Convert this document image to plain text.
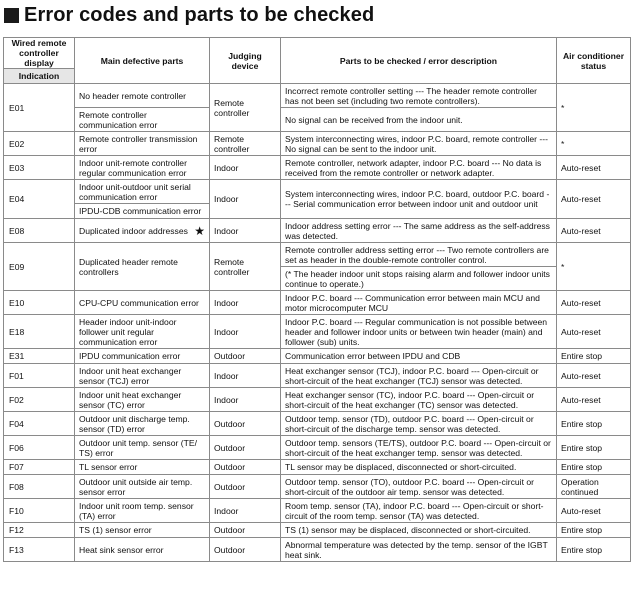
Error codes and parts to be checked
Wired remote controller display	Main defective parts	Judging device	Parts to be checked / error description	Air conditioner status
Indication				
E01	No header remote controller	Remote controller	Incorrect remote controller setting --- The header remote controller has not been set (including two remote controllers).	*
	Remote controller communication error		No signal can be received from the indoor unit.	
E02	Remote controller transmission error	Remote controller	System interconnecting wires, indoor P.C. board, remote controller --- No signal can be sent to the indoor unit.	*
E03	Indoor unit-remote controller regular communication error	Indoor	Remote controller, network adapter, indoor P.C. board --- No data is received from the remote controller or network adapter.	Auto-reset
E04	Indoor unit-outdoor unit serial communication error	Indoor	System interconnecting wires, indoor P.C. board, outdoor P.C. board --- Serial communication error between indoor unit and outdoor unit	Auto-reset
	IPDU-CDB communication error			
E08	Duplicated indoor addresses ★	Indoor	Indoor address setting error --- The same address as the self-address was detected.	Auto-reset
E09	Duplicated header remote controllers	Remote controller	Remote controller address setting error --- Two remote controllers are set as header in the double-remote controller control.	*
			(* The header indoor unit stops raising alarm and follower indoor units continue to operate.)	
E10	CPU-CPU communication error	Indoor	Indoor P.C. board --- Communication error between main MCU and motor microcomputer MCU	Auto-reset
E18	Header indoor unit-indoor follower unit regular communication error	Indoor	Indoor P.C. board --- Regular communication is not possible between header and follower indoor units or between twin header (main) and follower (sub) units.	Auto-reset
E31	IPDU communication error	Outdoor	Communication error between IPDU and CDB	Entire stop
F01	Indoor unit heat exchanger sensor (TCJ) error	Indoor	Heat exchanger sensor (TCJ), indoor P.C. board --- Open-circuit or short-circuit of the heat exchanger (TCJ) sensor was detected.	Auto-reset
F02	Indoor unit heat exchanger sensor (TC) error	Indoor	Heat exchanger sensor (TC), indoor P.C. board --- Open-circuit or short-circuit of the heat exchanger (TC) sensor was detected.	Auto-reset
F04	Outdoor unit discharge temp. sensor (TD) error	Outdoor	Outdoor temp. sensor (TD), outdoor P.C. board --- Open-circuit or short-circuit of the discharge temp. sensor was detected.	Entire stop
F06	Outdoor unit temp. sensor (TE/ TS) error	Outdoor	Outdoor temp. sensors (TE/TS), outdoor P.C. board --- Open-circuit or short-circuit of the heat exchanger temp. sensor was detected.	Entire stop
F07	TL sensor error	Outdoor	TL sensor may be displaced, disconnected or short-circuited.	Entire stop
F08	Outdoor unit outside air temp. sensor error	Outdoor	Outdoor temp. sensor (TO), outdoor P.C. board --- Open-circuit or short-circuit of the outdoor air temp. sensor was detected.	Operation continued
F10	Indoor unit room temp. sensor (TA) error	Indoor	Room temp. sensor (TA), indoor P.C. board --- Open-circuit or short-circuit of the room temp. sensor (TA) was detected.	Auto-reset
F12	TS (1) sensor error	Outdoor	TS (1) sensor may be displaced, disconnected or short-circuited.	Entire stop
F13	Heat sink sensor error	Outdoor	Abnormal temperature was detected by the temp. sensor of the IGBT heat sink.	Entire stop
